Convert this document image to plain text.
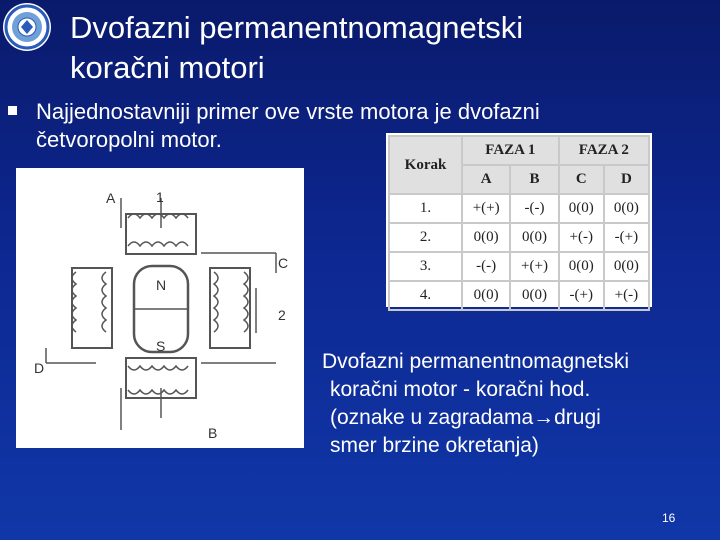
Dvofazni permanentnomagnetski
koračni motori
Najjednostavniji primer ove vrste motora je dvofazni četvoropolni motor.
A	1
C
2
D
B
N
S
Korak	FAZA 1		FAZA 2	
	A	B	C	D
1.	+(+)	-(-)	0(0)	0(0)
2.	0(0)	0(0)	+(-)	-(+)
3.	-(-)	+(+)	0(0)	0(0)
4.	0(0)	0(0)	-(+)	+(-)
Dvofazni permanentnomagnetski
koračni motor - koračni hod.
(oznake u zagradama→drugi
smer brzine okretanja)
16
